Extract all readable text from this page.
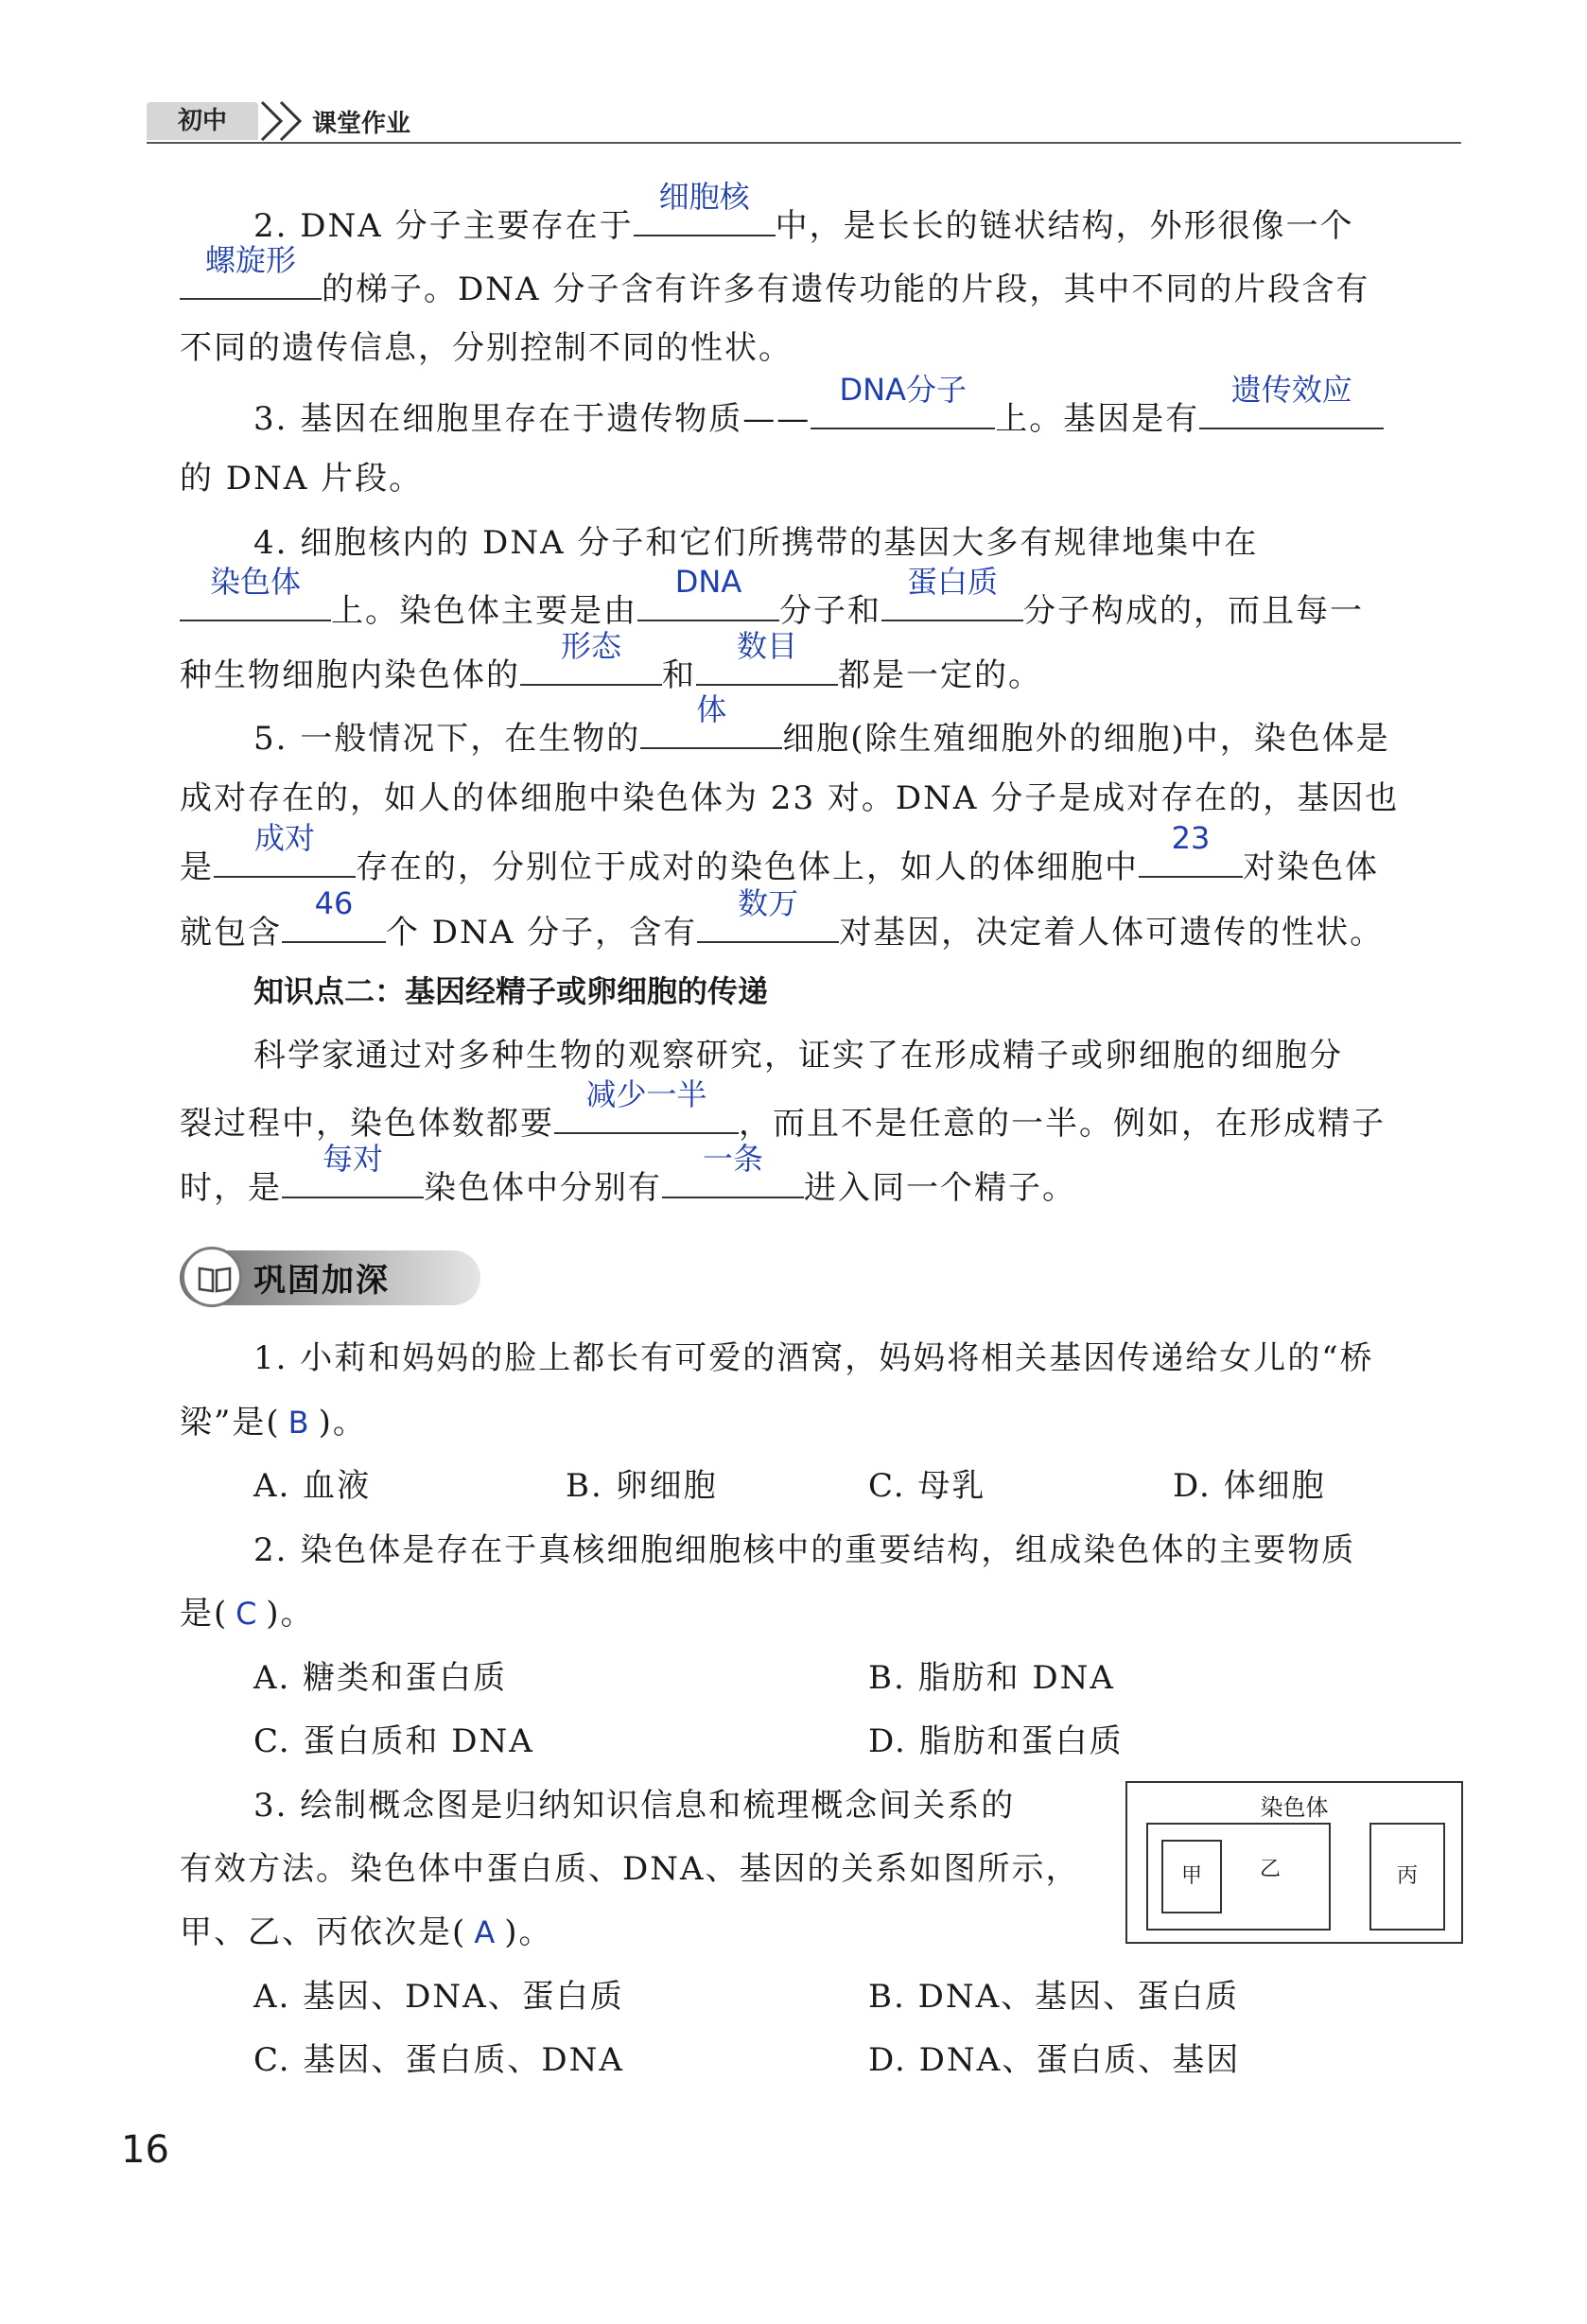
初中	课堂作业
2. DNA 分子主要存在于
细胞核
中，是长长的链状结构，外形很像一个
螺旋形
的梯子。DNA 分子含有许多有遗传功能的片段，其中不同的片段含有
不同的遗传信息，分别控制不同的性状。
3. 基因在细胞里存在于遗传物质——
DNA分子
上。基因是有
遗传效应
的 DNA 片段。
4. 细胞核内的 DNA 分子和它们所携带的基因大多有规律地集中在
染色体
上。染色体主要是由
DNA
分子和
蛋白质
分子构成的，而且每一
种生物细胞内染色体的
形态
和
数目
都是一定的。
5. 一般情况下，在生物的
体
细胞(除生殖细胞外的细胞)中，染色体是
成对存在的，如人的体细胞中染色体为 23 对。DNA 分子是成对存在的，基因也
是
成对
存在的，分别位于成对的染色体上，如人的体细胞中
23
对染色体
就包含
46
个 DNA 分子，含有
数万
对基因，决定着人体可遗传的性状。
知识点二：基因经精子或卵细胞的传递
科学家通过对多种生物的观察研究，证实了在形成精子或卵细胞的细胞分
裂过程中，染色体数都要
减少一半
，而且不是任意的一半。例如，在形成精子
时，是
每对
染色体中分别有
一条
进入同一个精子。
巩固加深
1. 小莉和妈妈的脸上都长有可爱的酒窝，妈妈将相关基因传递给女儿的“桥
梁”是( B )。
A. 血液	B. 卵细胞	C. 母乳	D. 体细胞
2. 染色体是存在于真核细胞细胞核中的重要结构，组成染色体的主要物质
是( C )。
A. 糖类和蛋白质	B. 脂肪和 DNA
C. 蛋白质和 DNA	D. 脂肪和蛋白质
3. 绘制概念图是归纳知识信息和梳理概念间关系的
有效方法。染色体中蛋白质、DNA、基因的关系如图所示，
甲、乙、丙依次是( A )。
染色体
甲	乙	丙
A. 基因、DNA、蛋白质	B. DNA、基因、蛋白质
C. 基因、蛋白质、DNA	D. DNA、蛋白质、基因
16
